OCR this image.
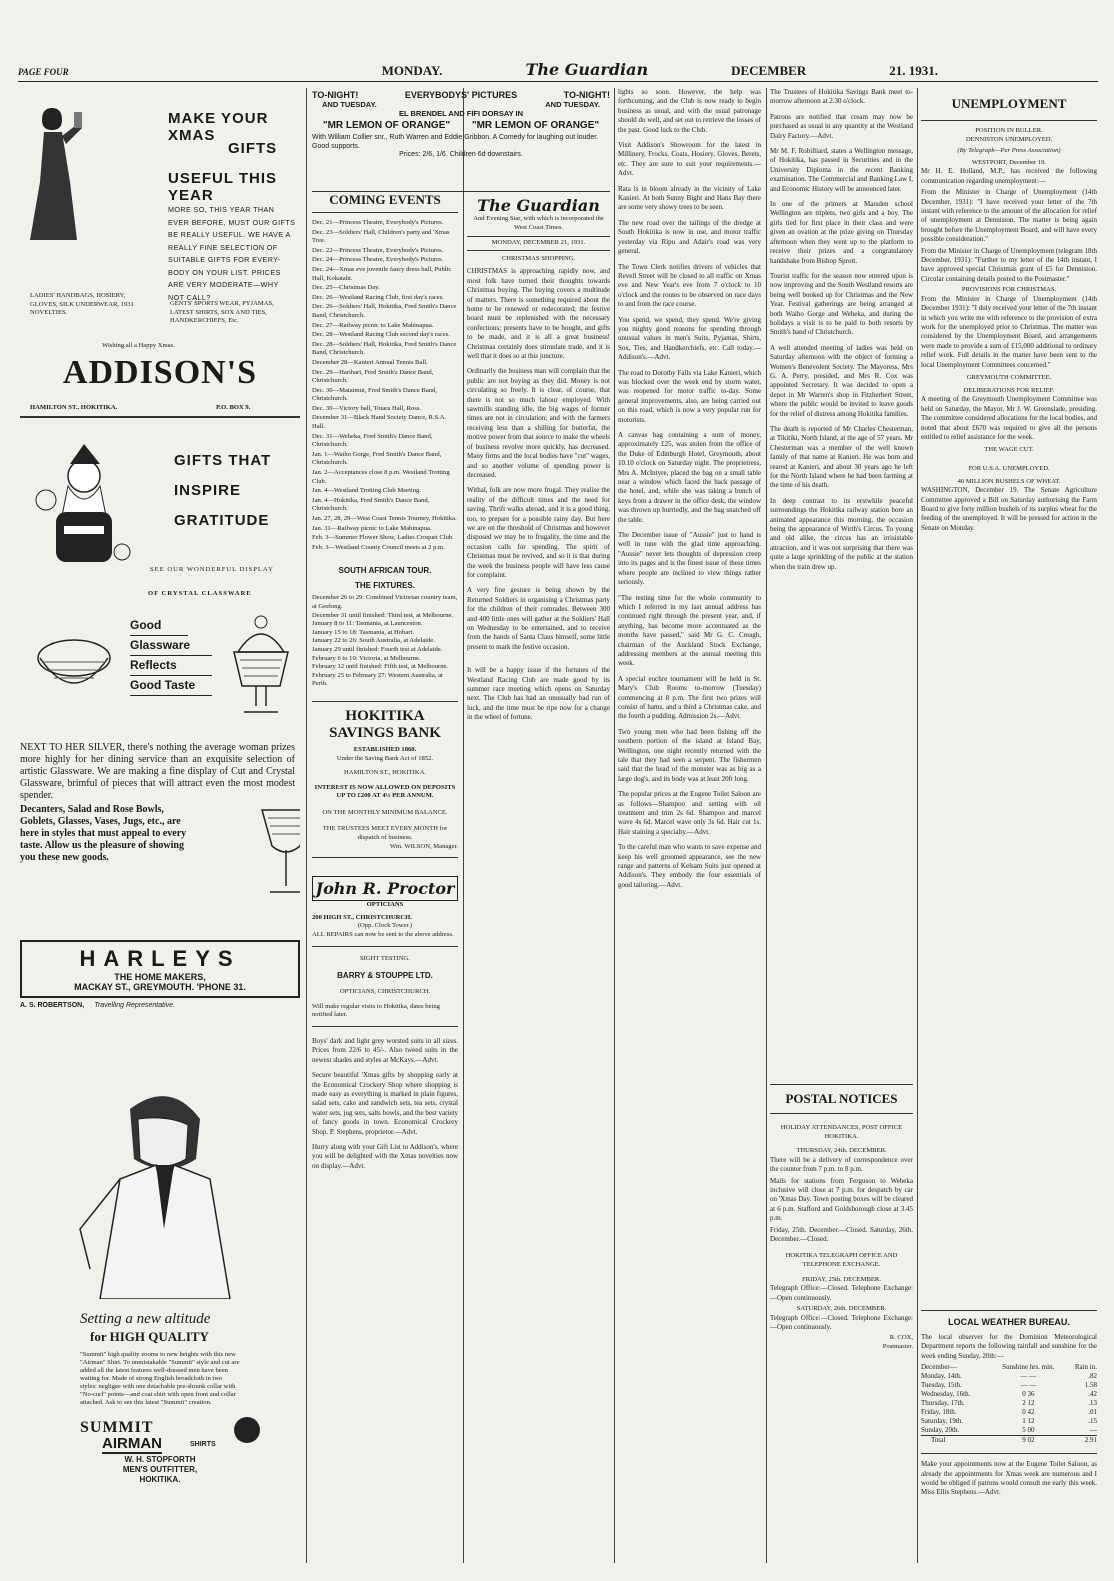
PAGE FOUR	MONDAY.	The Guardian	DECEMBER	21. 1931.
MAKE YOUR XMAS
GIFTS
USEFUL THIS YEAR
MORE SO, THIS YEAR THAN EVER BEFORE, MUST OUR GIFTS BE REALLY USEFUL. WE HAVE A REALLY FINE SELECTION OF SUITABLE GIFTS FOR EVERY-BODY ON YOUR LIST. PRICES ARE VERY MODERATE—WHY NOT CALL?
LADIES' HANDBAGS, HOSIERY, GLOVES, SILK UNDERWEAR, 1931 NOVELTIES.
GENTS' SPORTS WEAR, PYJAMAS, LATEST SHIRTS, SOX AND TIES, HANDKERCHIEFS, Etc.
Wishing all a Happy Xmas.
ADDISON'S
HAMILTON ST., HOKITIKA.	P.O. BOX 9.
GIFTS THAT
INSPIRE
GRATITUDE
SEE OUR WONDERFUL DISPLAY
OF CRYSTAL CLASSWARE
Good
Glassware
Reflects
Good Taste
NEXT TO HER SILVER, there's nothing the average woman prizes more highly for her dining service than an exquisite selection of artistic Glassware. We are making a fine display of Cut and Crystal Glassware, brimful of pieces that will attract even the most modest spender.
Decanters, Salad and Rose Bowls, Goblets, Glasses, Vases, Jugs, etc., are here in styles that must appeal to every taste. Allow us the pleasure of showing you these new goods.
HARLEYS
THE HOME MAKERS,
MACKAY ST., GREYMOUTH. 'PHONE 31.
A. S. ROBERTSON, Travelling Representative.
Setting a new altitude
for HIGH QUALITY
"Summit" high quality zooms to new heights with this new "Airman" Shirt. To unmistakable "Summit" style and cut are added all the latest features well-dressed men have been waiting for. Made of strong English broadcloth in two styles: negligee with one detachable pre-shrunk collar with "No-curl" points—and coat shirt with open front and collar attached. Ask to see this latest "Summit" creation.
SUMMIT
AIRMAN	SHIRTS
W. H. STOPFORTH
MEN'S OUTFITTER,
HOKITIKA.
COMING EVENTS
Dec. 21—Princess Theatre, Everybody's Pictures.
Dec. 23—Soldiers' Hall, Children's party and 'Xmas Tree.
Dec. 22—Princess Theatre, Everybody's Pictures.
Dec. 24—Princess Theatre, Everybody's Pictures.
Dec. 24—Xmas eve juvenile fancy dress ball, Public Hall, Kokatahi.
Dec. 25—Christmas Day.
Dec. 26—Westland Racing Club, first day's races.
Dec. 26—Soldiers' Hall, Hokitika, Fred Smith's Dance Band, Christchurch.
Dec. 27—Railway picnic to Lake Mahinapua.
Dec. 28—Westland Racing Club second day's races.
Dec. 28—Soldiers' Hall, Hokitika, Fred Smith's Dance Band, Christchurch.
December 28—Kanieri Annual Tennis Ball.
Dec. 29—Harihari, Fred Smith's Dance Band, Christchurch.
Dec. 30—Mataimui, Fred Smith's Dance Band, Christchurch.
Dec. 30—Victory ball, Totara Hall, Ross.
December 31—Black Hand Society Dance, R.S.A. Hall.
Dec. 31—Weheka, Fred Smith's Dance Band, Christchurch.
Jan. 1—Waiho Gorge, Fred Smith's Dance Band, Christchurch.
Jan. 2—Acceptances close 8 p.m. Westland Trotting Club.
Jan. 4—Westland Trotting Club Meeting.
Jan. 4—Hokitika, Fred Smith's Dance Band, Christchurch.
Jan. 27, 28, 29—West Coast Tennis Tourney, Hokitika.
Jan. 31—Railway picnic to Lake Mahinapua.
Feb. 3—Summer Flower Show, Ladies Croquet Club.
Feb. 3—Westland County Council meets at 2 p.m.
SOUTH AFRICAN TOUR.
THE FIXTURES.
December 26 to 29: Combined Victorian country team, at Geelong.
December 31 until finished: Third test, at Melbourne.
January 8 to 11: Tasmania, at Launceston.
January 15 to 18: Tasmania, at Hobart.
January 22 to 26: South Australia, at Adelaide.
January 29 until finished: Fourth test at Adelaide.
February 6 to 10: Victoria, at Melbourne.
February 12 until finished: Fifth test, at Melbourne.
February 25 to February 27: Western Australia, at Perth.
HOKITIKA
SAVINGS BANK
ESTABLISHED 1868.
Under the Saving Bank Act of 1852.
HAMILTON ST., HOKITIKA.
INTEREST IS NOW ALLOWED ON DEPOSITS UP TO £200 AT 4½ PER ANNUM.
ON THE MONTHLY MINIMUM BALANCE.
THE TRUSTEES MEET EVERY MONTH for dispatch of business.
Wm. WILSON, Manager.
John R. Proctor
OPTICIANS
200 HIGH ST., CHRISTCHURCH.
(Opp. Clock Tower.)
ALL REPAIRS can now be sent to the above address.
SIGHT TESTING.
BARRY & STOUPPE LTD.
OPTICIANS, CHRISTCHURCH.
Will make regular visits to Hokitika, dates being notified later.
Boys' dark and light grey worsted suits in all sizes. Prices from 22/6 to 45/-. Also tweed suits in the newest shades and styles at McKays.—Advt.
Secure beautiful 'Xmas gifts by shopping early at the Economical Crockery Shop where shopping is made easy as everything is marked in plain figures, salad sets, cake and sandwich sets, tea sets, crystal water sets, jug sets, salts bowls, and the best variety of fancy goods in town. Economical Crockery Shop. P. Stephens, proprietor.—Advt.
Hurry along with your Gift List to Addison's, where you will be delighted with the Xmas novelties now on display.—Advt.
TO-NIGHT!	EVERYBODYS' PICTURES	TO-NIGHT!
AND TUESDAY.	AND TUESDAY.
EL BRENDEL AND FIFI DORSAY IN
"MR LEMON OF ORANGE" "MR LEMON OF ORANGE"
With William Collier snr., Ruth Warren and Eddie Gribbon. A Comedy for laughing out louder. Good supports.
Prices: 2/6, 1/6. Children 6d downstairs.
The Guardian
And Evening Star, with which is incorporated the West Coast Times.
MONDAY, DECEMBER 21, 1931.
CHRISTMAS SHOPPING.
CHRISTMAS is approaching rapidly now, and most folk have turned their thoughts towards Christmas buying. The buying covers a multitude of matters. There is something required about the home to be renewed or redecorated; the festive board must be replenished with the necessary confections; presents have to be bought, and gifts to be made, and it is all a great business! Christmas certainly does stimulate trade, and it is well that it does so at this juncture.
Ordinarily the business man will complain that the public are not buying as they did. Money is not circulating so freely. It is clear, of course, that there is not so much labour employed. With sawmills standing idle, the big wages of former times are not in circulation; and with the farmers receiving less than a shilling for butterfat, the motive power from that source to make the wheels of business revolve more quickly, has decreased. Many firms and the local bodies have "cut" wages, and so another volume of spending power is decreased.
Withal, folk are now more frugal. They realise the reality of the difficult times and the need for saving. Thrift walks abroad, and it is a good thing, too, to prepare for a possible rainy day. But here we are on the threshold of Christmas and however disposed we may be to frugality, the time and the occasion calls for spending. The spirit of Christmas must be revived, and so it is that during the week the business people will have less cause for complaint.
A very fine gesture is being shown by the Returned Soldiers in organising a Christmas party for the children of their comrades. Between 300 and 400 little ones will gather at the Soldiers' Hall on Wednesday to be entertained, and to receive from the hands of Santa Claus himself, some little present to mark the festive occasion.
It will be a happy issue if the fortunes of the Westland Racing Club are made good by its summer race meeting which opens on Saturday next. The Club has had an unusually bad run of luck, and the time must be ripe now for a change in the wheel of fortune.
lights so soon. However, the help was forthcoming, and the Club is now ready to begin business as usual, and with the usual patronage should do well, and set out to retrieve the losses of the past. Good luck to the Club.
Visit Addison's Showroom for the latest in Millinery, Frocks, Coats, Hosiery, Gloves, Berets, etc. They are sure to suit your requirements.—Advt.
Rata is in bloom already in the vicinity of Lake Kanieri. At both Sunny Bight and Hans Bay there are some very showy trees to be seen.
The new road over the tailings of the dredge at South Hokitika is now in use, and motor traffic yesterday via Ripu and Adair's road was very general.
The Town Clerk notifies drivers of vehicles that Revell Street will be closed to all traffic on Xmas eve and New Year's eve from 7 o'clock to 10 o'clock and the routes to be observed on race days to and from the race course.
You spend, we spend, they spend. We're giving you mighty good reasons for spending through unusual values in men's Suits, Pyjamas, Shirts, Sox, Ties, and Handkerchiefs, etc. Call today.—Addison's.—Advt.
The road to Dorothy Falls via Lake Kanieri, which was blocked over the week end by storm water, was reopened for motor traffic to-day. Some general improvements, also, are being carried out on this road, which is now a very popular run for motorists.
A canvas bag containing a sum of money, approximately £25, was stolen from the office of the Duke of Edinburgh Hotel, Greymouth, about 10.10 o'clock on Saturday night. The proprietress, Mrs A. McIntyre, placed the bag on a small table near a window which faced the back passage of the hotel, and, while she was taking a bunch of keys from a drawer in the office desk, the window was thrown up hurriedly, and the bag snatched off the table.
The December issue of "Aussie" just to hand is well in tune with the glad time approaching. "Aussie" never lets thoughts of depression creep into its pages and is the finest issue of these times where people are inclined to view things rather seriously.
"The testing time for the whole community to which I referred in my last annual address has continued right through the present year, and, if anything, has become more accentuated as the months have passed," said Mr G. C. Creagh, chairman of the Auckland Stock Exchange, addressing members at the annual meeting this week.
A special euchre tournament will be held in St. Mary's Club Rooms to-morrow (Tuesday) commencing at 8 p.m. The first two prizes will consist of hams, and a third a Christmas cake, and the fourth a pudding. Admission 2s.—Advt.
Two young men who had been fishing off the southern portion of the island at Island Bay, Wellington, one night recently returned with the tale that they had seen a serpent. The fishermen said that the head of the monster was as big as a large dog's, and its body was at least 20ft long.
The popular prices at the Eugene Toilet Saloon are as follows—Shampoo and setting with oil treatment and trim 2s 6d. Shampoo and marcel wave 4s 6d. Marcel wave only 3s 6d. Hair cut 1s. Hair staining a specialty.—Advt.
To the careful man who wants to save expense and keep his well groomed appearance, see the new range and patterns of Kelsam Suits just opened at Addison's. They embody the four essentials of good tailoring.—Advt.
The Trustees of Hokitika Savings Bank meet to-morrow afternoon at 2.30 o'clock.
Patrons are notified that cream may now be purchased as usual in any quantity at the Westland Dairy Factory.—Advt.
Mr M. F. Robilliard, states a Wellington message, of Hokitika, has passed in Securities and in the University Diploma in the recent Banking examination. The Commercial and Banking Law I, and Economic History will be announced later.
In one of the primers at Marsden school Wellington are triplets, two girls and a boy. The girls tied for first place in their class and were given an ovation at the prize giving on Thursday afternoon when they went up to the platform to receive their prizes and a congratulatory handshake from Bishop Sprott.
Tourist traffic for the season now entered upon is now improving and the South Westland resorts are being well booked up for Christmas and the New Year. Festival gatherings are being arranged at both Waiho Gorge and Weheka, and during the holidays a visit is to be paid to both resorts by Smith's band of Christchurch.
A well attended meeting of ladies was held on Saturday afternoon with the object of forming a Women's Benevolent Society. The Mayoress, Mrs G. A. Perry, presided, and Mrs R. Cox was appointed Secretary. It was decided to open a depot in Mr Warren's shop in Fitzherbert Street, where the public would be invited to leave goods for the relief of distress among Hokitika families.
The death is reported of Mr Charles Chesterman, at Tikitiki, North Island, at the age of 57 years. Mr Chesterman was a member of the well known family of that name at Kanieri. He was born and reared at Kanieri, and about 30 years ago he left for the North Island where he had been farming at the time of his death.
In deep contrast to its erstwhile peaceful surroundings the Hokitika railway station bore an animated appearance this morning, the occasion being the appearance of Wirth's Circus. To young and old alike, the circus has an irrisistable attraction, and it was not surprising that there was quite a large sprinkling of the public at the station when the train drew up.
POSTAL NOTICES
HOLIDAY ATTENDANCES, POST OFFICE HOKITIKA.
THURSDAY, 24th. DECEMBER.
There will be a delivery of correspondence over the counter from 7 p.m. to 8 p.m.
Mails for stations from Ferguson to Weheka inclusive will close at 7 p.m. for despatch by car on 'Xmas Day. Town posting boxes will be cleared at 6 p.m. Stafford and Goldsborough close at 3.45 p.m.
Friday, 25th. December.—Closed. Saturday, 26th. December.—Closed.
HOKITIKA TELEGRAPH OFFICE AND TELEPHONE EXCHANGE.
FRIDAY, 25th. DECEMBER.
Telegraph Office:—Closed. Telephone Exchange:—Open continuously.
SATURDAY, 26th. DECEMBER.
Telegraph Office:—Closed. Telephone Exchange:—Open continuously.
R. COX,
Postmaster.
UNEMPLOYMENT
POSITION IN BULLER.
DENNISTON UNEMPLOYED.
(By Telegraph—Per Press Association)
WESTPORT, December 19.
Mr H. E. Holland, M.P., has received the following communication regarding unemployment:—
From the Minister in Charge of Unemployment (14th December, 1931): "I have received your letter of the 7th instant with reference to the amount of the allocation for relief of unemployment at Denniston. The matter is being again brought before the Unemployment Board, and will have every possible consideration."
From the Minister in Charge of Unemployment (telegram 18th December, 1931): "Further to my letter of the 14th instant, I have approved special Christmas grant of £5 for Denniston. Circular containing details posted to the Postmaster."
PROVISIONS FOR CHRISTMAS.
From the Minister in Charge of Unemployment (14th December 1931): "I duly received your letter of the 7th instant in which you write me with reference to the provision of extra work for the unemployed prior to Christmas. The matter was considered by the Unemployment Board, and arrangements were made to provide a sum of £15,000 additional to ordinary relief work. Full details in the matter have been sent to the local Unemployment Committees concerned."
GREYMOUTH COMMITTEE.
DELIBERATIONS FOR RELIEF.
A meeting of the Greymouth Unemployment Committee was held on Saturday, the Mayor, Mr J. W. Greenslade, presiding. The committee considered allocations for the local bodies, and noted that about £670 was required to give all the persons entitled to relief assistance for the week.
THE WAGE CUT.
FOR U.S.A. UNEMPLOYED.
40 MILLION BUSHELS OF WHEAT.
WASHINGTON, December 19. The Senate Agriculture Committee approved a Bill on Saturday authorising the Farm Board to give forty million bushels of its surplus wheat for the feeding of the unemployed. It will be pressed for action in the Senate on Monday.
LOCAL WEATHER BUREAU.
The local observer for the Dominion Meteorological Department reports the following rainfall and sunshine for the week ending Sunday, 20th:—
December—	Sunshine hrs. min.	Rain in.
Monday, 14th.	— —	.82
Tuesday, 15th.	— —	1.58
Wednesday, 16th.	0 36	.42
Thursday, 17th.	2 12	.13
Friday, 18th.	0 42	.01
Saturday, 19th.	1 12	.15
Sunday, 20th.	5 00	—
Total	9 02	2.91
Make your appointments now at the Eugene Toilet Saloon, as already the appointments for Xmas week are numerous and I would be obliged if patrons would consult me early this week. Miss Ellis Stephens.—Advt.
